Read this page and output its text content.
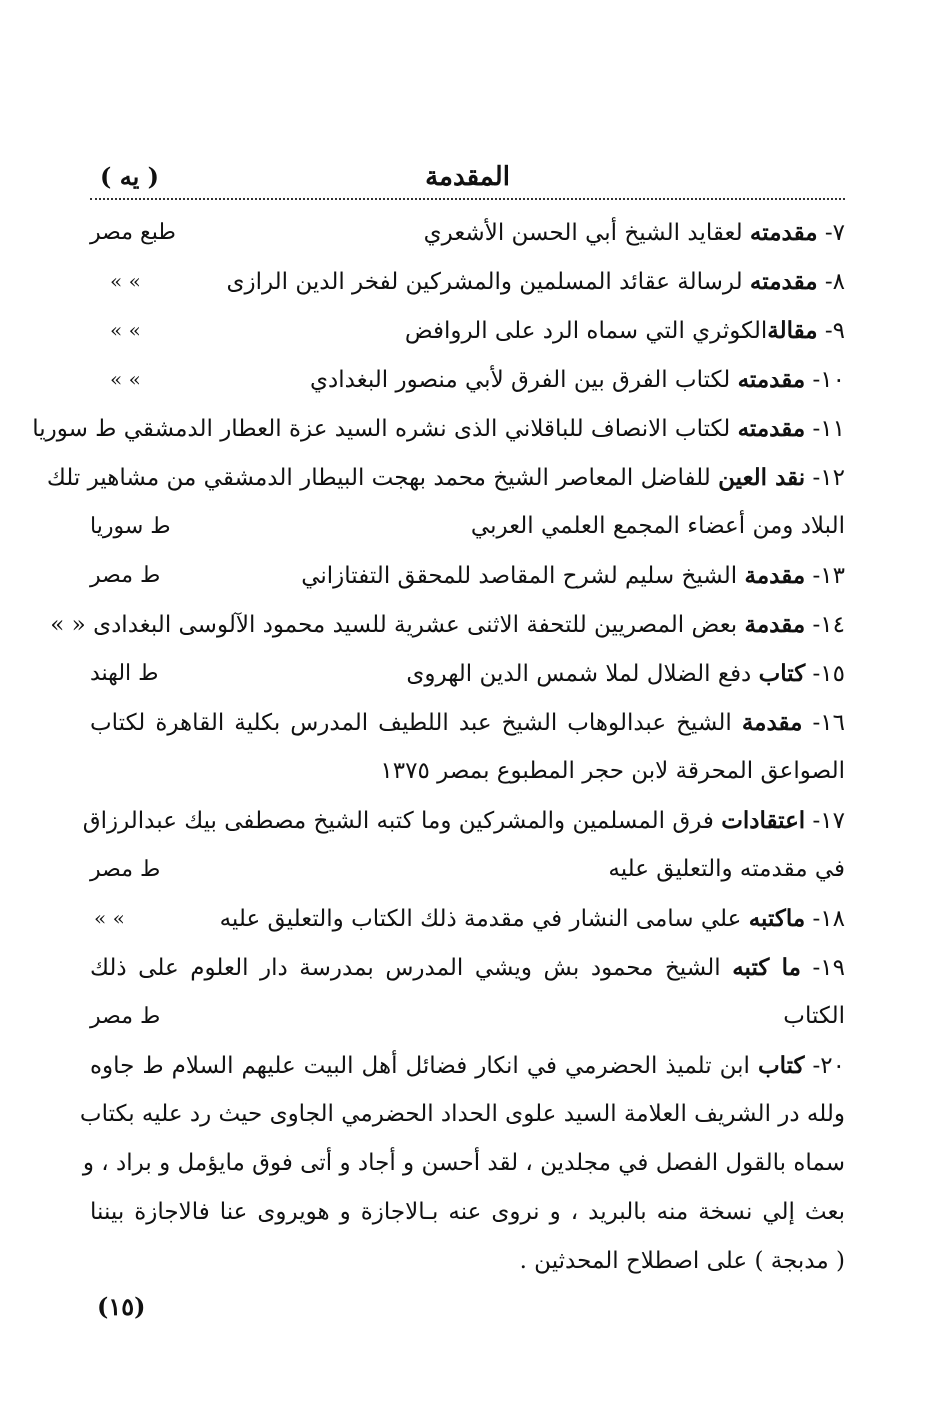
المقدمة
( يه )
٧- مقدمته لعقايد الشيخ أبي الحسن الأشعري
طبع مصر
٨- مقدمته لرسالة عقائد المسلمين والمشركين لفخر الدين الرازى
» »
٩- مقالةالكوثري التي سماه الرد على الروافض
» »
١٠- مقدمته لكتاب الفرق بين الفرق لأبي منصور البغدادي
» »
١١- مقدمته لكتاب الانصاف للباقلاني الذى نشره السيد عزة العطار الدمشقي ط سوريا
١٢- نقد العين للفاضل المعاصر الشيخ محمد بهجت البيطار الدمشقي من مشاهير تلك
البلاد ومن أعضاء المجمع العلمي العربي
ط سوريا
١٣- مقدمة الشيخ سليم لشرح المقاصد للمحقق التفتازاني
ط مصر
١٤- مقدمة بعض المصريين للتحفة الاثنى عشرية للسيد محمود الآلوسى البغدادى « »
١٥- كتاب دفع الضلال لملا شمس الدين الهروى
ط الهند
١٦- مقدمة الشيخ عبدالوهاب الشيخ عبد اللطيف المدرس بكلية القاهرة لكتاب
الصواعق المحرقة لابن حجر المطبوع بمصر ١٣٧٥
١٧- اعتقادات فرق المسلمين والمشركين وما كتبه الشيخ مصطفى بيك عبدالرزاق
في مقدمته والتعليق عليه
ط مصر
١٨- ماكتبه علي سامى النشار في مقدمة ذلك الكتاب والتعليق عليه
» »
١٩- ما كتبه الشيخ محمود بش ويشي المدرس بمدرسة دار العلوم على ذلك
الكتاب
ط مصر
٢٠- كتاب ابن تلميذ الحضرمي في انكار فضائل أهل البيت عليهم السلام ط جاوه
ولله در الشريف العلامة السيد علوى الحداد الحضرمي الجاوى حيث رد عليه بكتاب
سماه بالقول الفصل في مجلدين ، لقد أحسن و أجاد و أتى فوق مايؤمل و براد ، و
بعث إلي نسخة منه بالبريد ، و نروى عنه بـالاجازة و هويروى عنا فالاجازة بيننا
( مدبجة ) على اصطلاح المحدثين .
(١٥)
